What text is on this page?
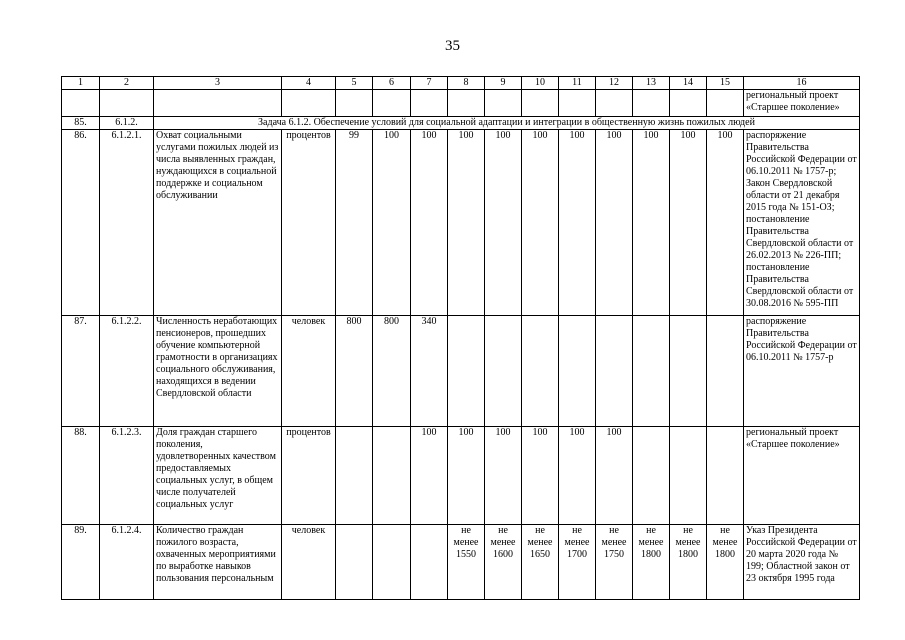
35
1	2	3	4	5	6	7	8	9	10	11	12	13	14	15	16
															региональный проект «Старшее поколение»
85.	6.1.2.	Задача 6.1.2. Обеспечение условий для социальной адаптации и интеграции в общественную жизнь пожилых людей													
86.	6.1.2.1.	Охват социальными услугами пожилых людей из числа выявленных граждан, нуждающихся в социальной поддержке и социальном обслуживании	процентов	99	100	100	100	100	100	100	100	100	100	100	распоряжение Правительства Российской Федерации от 06.10.2011 № 1757-р; Закон Свердловской области от 21 декабря 2015 года № 151-ОЗ; постановление Правительства Свердловской области от 26.02.2013 № 226-ПП; постановление Правительства Свердловской области от 30.08.2016 № 595-ПП
87.	6.1.2.2.	Численность неработающих пенсионеров, прошедших обучение компьютерной грамотности в организациях социального обслуживания, находящихся в ведении Свердловской области	человек	800	800	340									распоряжение Правительства Российской Федерации от 06.10.2011 № 1757-р
88.	6.1.2.3.	Доля граждан старшего поколения, удовлетворенных качеством предоставляемых социальных услуг, в общем числе получателей социальных услуг	процентов			100	100	100	100	100	100				региональный проект «Старшее поколение»
89.	6.1.2.4.	Количество граждан пожилого возраста, охваченных мероприятиями по выработке навыков пользования персональным	человек				не менее 1550	не менее 1600	не менее 1650	не менее 1700	не менее 1750	не менее 1800	не менее 1800	не менее 1800	Указ Президента Российской Федерации от 20 марта 2020 года № 199; Областной закон от 23 октября 1995 года
